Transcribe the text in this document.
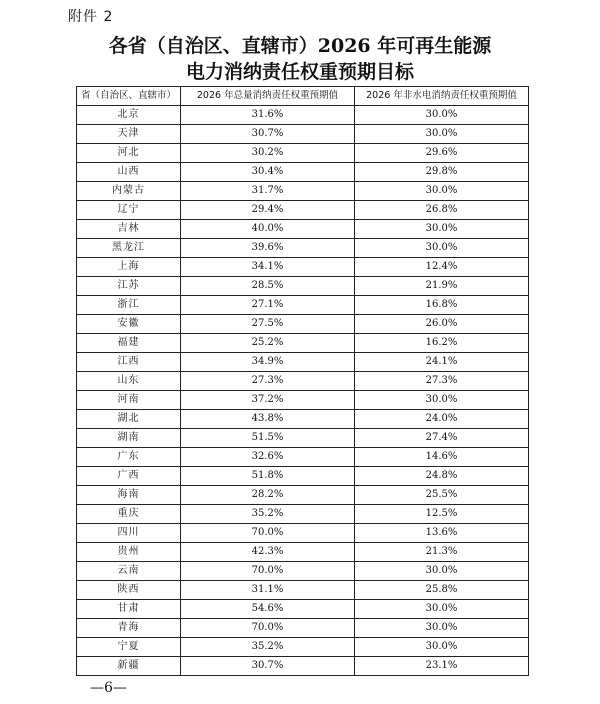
附件 2
各省（自治区、直辖市）2026 年可再生能源
电力消纳责任权重预期目标
省（自治区、直辖市）	2026 年总量消纳责任权重预期值	2026 年非水电消纳责任权重预期值
北京	31.6%	30.0%
天津	30.7%	30.0%
河北	30.2%	29.6%
山西	30.4%	29.8%
内蒙古	31.7%	30.0%
辽宁	29.4%	26.8%
吉林	40.0%	30.0%
黑龙江	39.6%	30.0%
上海	34.1%	12.4%
江苏	28.5%	21.9%
浙江	27.1%	16.8%
安徽	27.5%	26.0%
福建	25.2%	16.2%
江西	34.9%	24.1%
山东	27.3%	27.3%
河南	37.2%	30.0%
湖北	43.8%	24.0%
湖南	51.5%	27.4%
广东	32.6%	14.6%
广西	51.8%	24.8%
海南	28.2%	25.5%
重庆	35.2%	12.5%
四川	70.0%	13.6%
贵州	42.3%	21.3%
云南	70.0%	30.0%
陕西	31.1%	25.8%
甘肃	54.6%	30.0%
青海	70.0%	30.0%
宁夏	35.2%	30.0%
新疆	30.7%	23.1%
—6—
